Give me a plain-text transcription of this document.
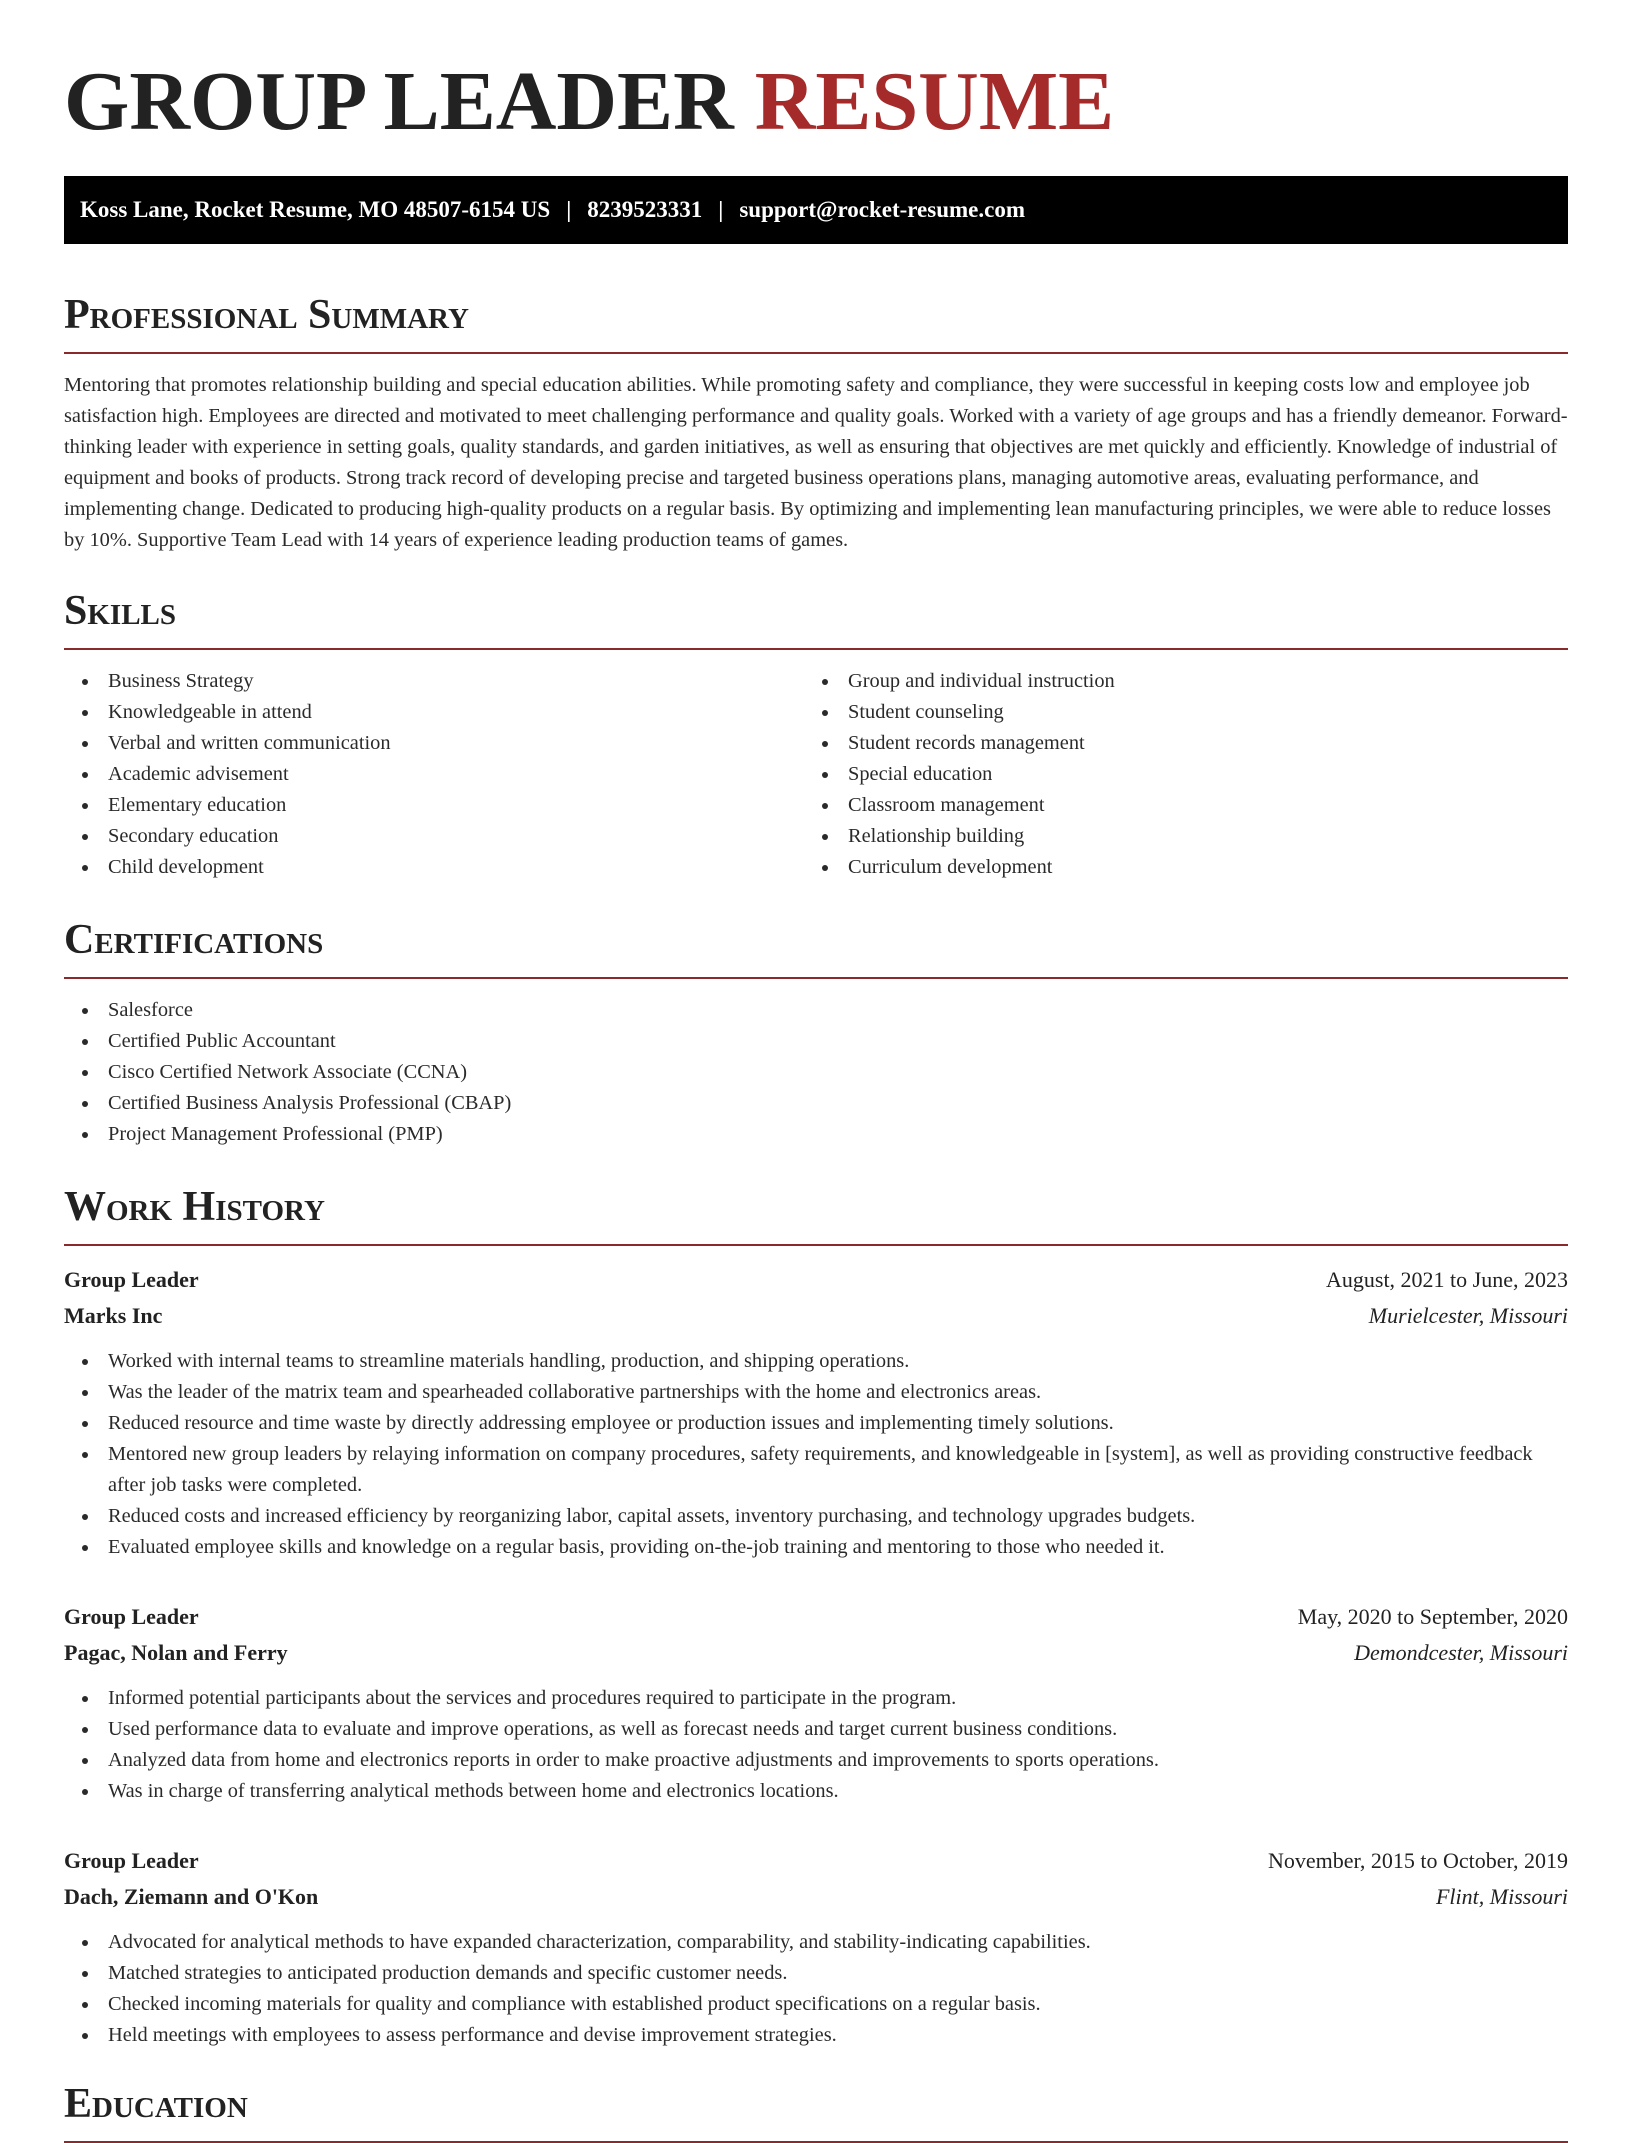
GROUP LEADER RESUME
Koss Lane, Rocket Resume, MO 48507-6154 US | 8239523331 | support@rocket-resume.com
Professional Summary

Mentoring that promotes relationship building and special education abilities. While promoting safety and compliance, they were successful in keeping costs low and employee job satisfaction high. Employees are directed and motivated to meet challenging performance and quality goals. Worked with a variety of age groups and has a friendly demeanor. Forward-thinking leader with experience in setting goals, quality standards, and garden initiatives, as well as ensuring that objectives are met quickly and efficiently. Knowledge of industrial of equipment and books of products. Strong track record of developing precise and targeted business operations plans, managing automotive areas, evaluating performance, and implementing change. Dedicated to producing high-quality products on a regular basis. By optimizing and implementing lean manufacturing principles, we were able to reduce losses by 10%. Supportive Team Lead with 14 years of experience leading production teams of games.

Skills
Business Strategy
Knowledgeable in attend
Verbal and written communication
Academic advisement
Elementary education
Secondary education
Child development
Group and individual instruction
Student counseling
Student records management
Special education
Classroom management
Relationship building
Curriculum development
Certifications
Salesforce
Certified Public Accountant
Cisco Certified Network Associate (CCNA)
Certified Business Analysis Professional (CBAP)
Project Management Professional (PMP)
Work History
Group Leader	August, 2021 to June, 2023
Marks Inc	Murielcester, Missouri
Worked with internal teams to streamline materials handling, production, and shipping operations.
Was the leader of the matrix team and spearheaded collaborative partnerships with the home and electronics areas.
Reduced resource and time waste by directly addressing employee or production issues and implementing timely solutions.
Mentored new group leaders by relaying information on company procedures, safety requirements, and knowledgeable in [system], as well as providing constructive feedback after job tasks were completed.
Reduced costs and increased efficiency by reorganizing labor, capital assets, inventory purchasing, and technology upgrades budgets.
Evaluated employee skills and knowledge on a regular basis, providing on-the-job training and mentoring to those who needed it.
Group Leader	May, 2020 to September, 2020
Pagac, Nolan and Ferry	Demondcester, Missouri
Informed potential participants about the services and procedures required to participate in the program.
Used performance data to evaluate and improve operations, as well as forecast needs and target current business conditions.
Analyzed data from home and electronics reports in order to make proactive adjustments and improvements to sports operations.
Was in charge of transferring analytical methods between home and electronics locations.
Group Leader	November, 2015 to October, 2019
Dach, Ziemann and O'Kon	Flint, Missouri
Advocated for analytical methods to have expanded characterization, comparability, and stability-indicating capabilities.
Matched strategies to anticipated production demands and specific customer needs.
Checked incoming materials for quality and compliance with established product specifications on a regular basis.
Held meetings with employees to assess performance and devise improvement strategies.
Education
